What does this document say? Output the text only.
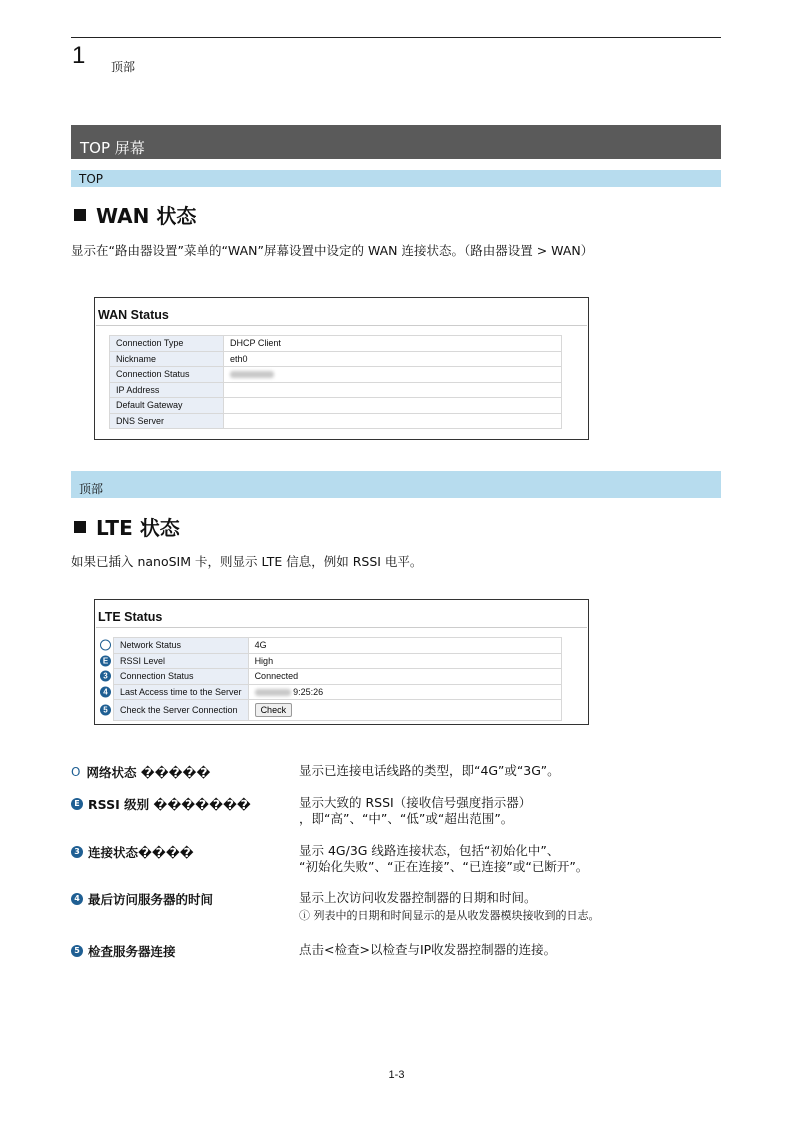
1 顶部
TOP 屏幕
TOP
WAN 状态
显示在“路由器设置”菜单的“WAN”屏幕设置中设定的 WAN 连接状态。（路由器设置 > WAN）
WAN Status
Connection Type	DHCP Client
Nickname	eth0
Connection Status	
IP Address	
Default Gateway	
DNS Server	
顶部
LTE 状态
如果已插入 nanoSIM 卡，则显示 LTE 信息，例如 RSSI 电平。
LTE Status
Network Status	4G

E RSSI Level	High

3 Connection Status	Connected

4 Last Access time to the Server	9:25:26

5 Check the Server Connection	Check
O 网络状态 �����	显示已连接电话线路的类型，即“4G”或“3G”。
E RSSI 级别 �������	显示大致的 RSSI（接收信号强度指示器）
，即“高”、“中”、“低”或“超出范围”。
3 连接状态����	显示 4G/3G 线路连接状态，包括“初始化中”、
“初始化失败”、“正在连接”、“已连接”或“已断开”。
4 最后访问服务器的时间	显示上次访问收发器控制器的日期和时间。
ⓘ 列表中的日期和时间显示的是从收发器模块接收到的日志。
5 检查服务器连接	点击<检查>以检查与IP收发器控制器的连接。
1-3
